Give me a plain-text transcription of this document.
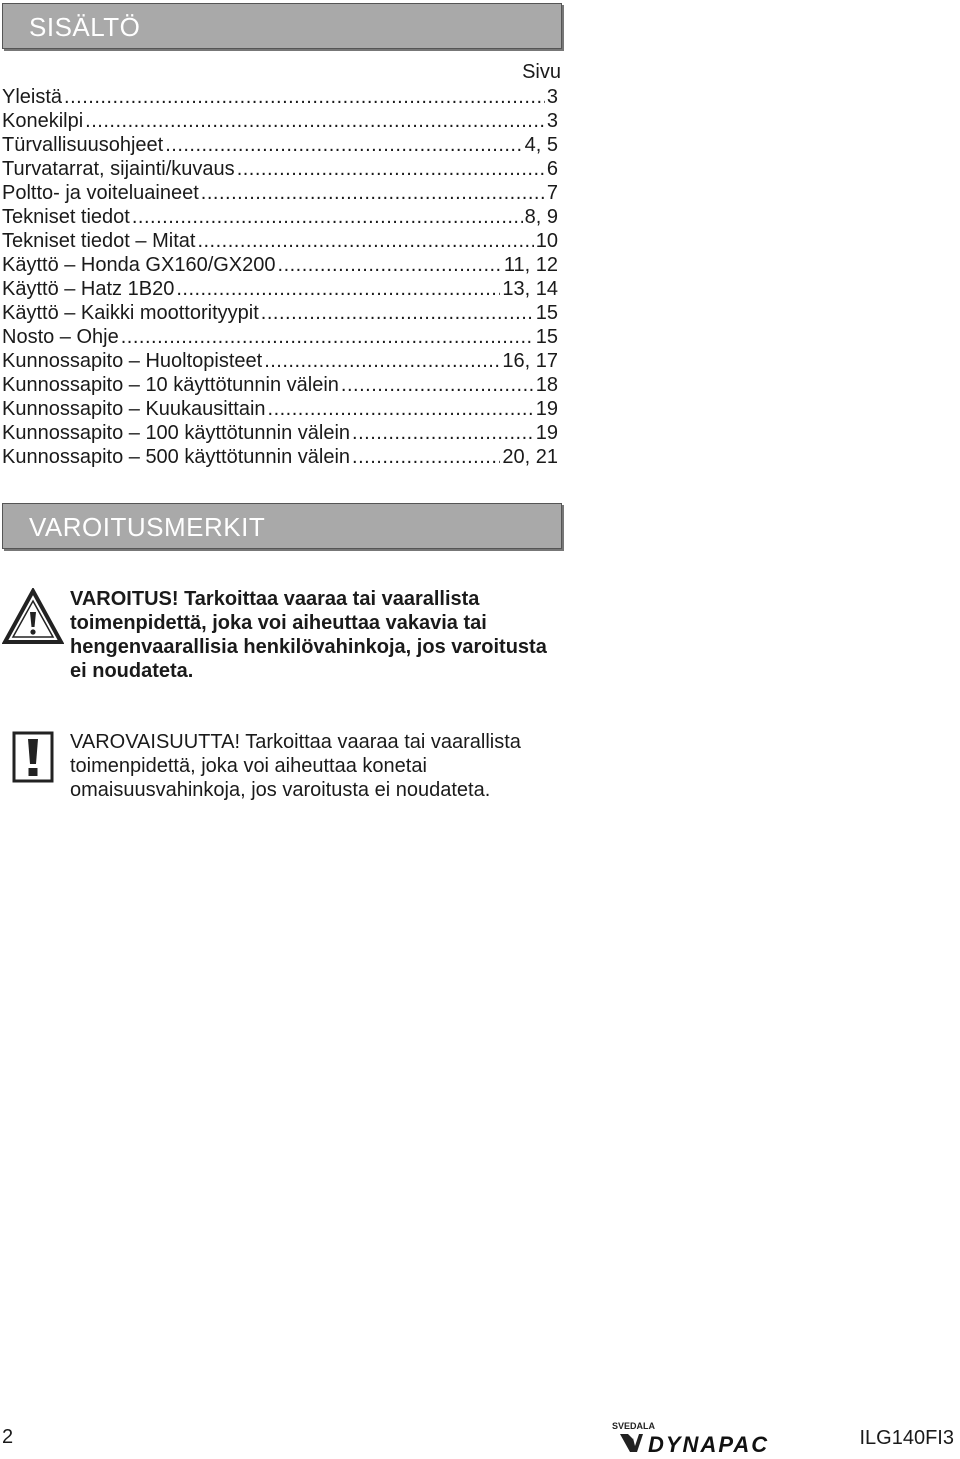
SISÄLTÖ
Sivu
Yleistä .....	3
Konekilpi .....	3
Türvallisuusohjeet .....	4, 5
Turvatarrat, sijainti/kuvaus .....	6
Poltto- ja voiteluaineet .....	7
Tekniset tiedot .....	8, 9
Tekniset tiedot – Mitat .....	10
Käyttö – Honda GX160/GX200 .....	11, 12
Käyttö – Hatz 1B20 .....	13, 14
Käyttö – Kaikki moottorityypit .....	15
Nosto – Ohje .....	15
Kunnossapito – Huoltopisteet .....	16, 17
Kunnossapito – 10 käyttötunnin välein .....	18
Kunnossapito – Kuukausittain .....	19
Kunnossapito – 100 käyttötunnin välein .....	19
Kunnossapito – 500 käyttötunnin välein .....	20, 21
VAROITUSMERKIT
VAROITUS! Tarkoittaa vaaraa tai vaarallista toimenpidettä, joka voi aiheuttaa vakavia tai hengenvaarallisia henkilövahinkoja, jos varoitusta ei noudateta.
VAROVAISUUTTA! Tarkoittaa vaaraa tai vaarallista toimenpidettä, joka voi aiheuttaa konetai omaisuusvahinkoja, jos varoitusta ei noudateta.
2	SVEDALA
DYNAPAC	ILG140FI3
